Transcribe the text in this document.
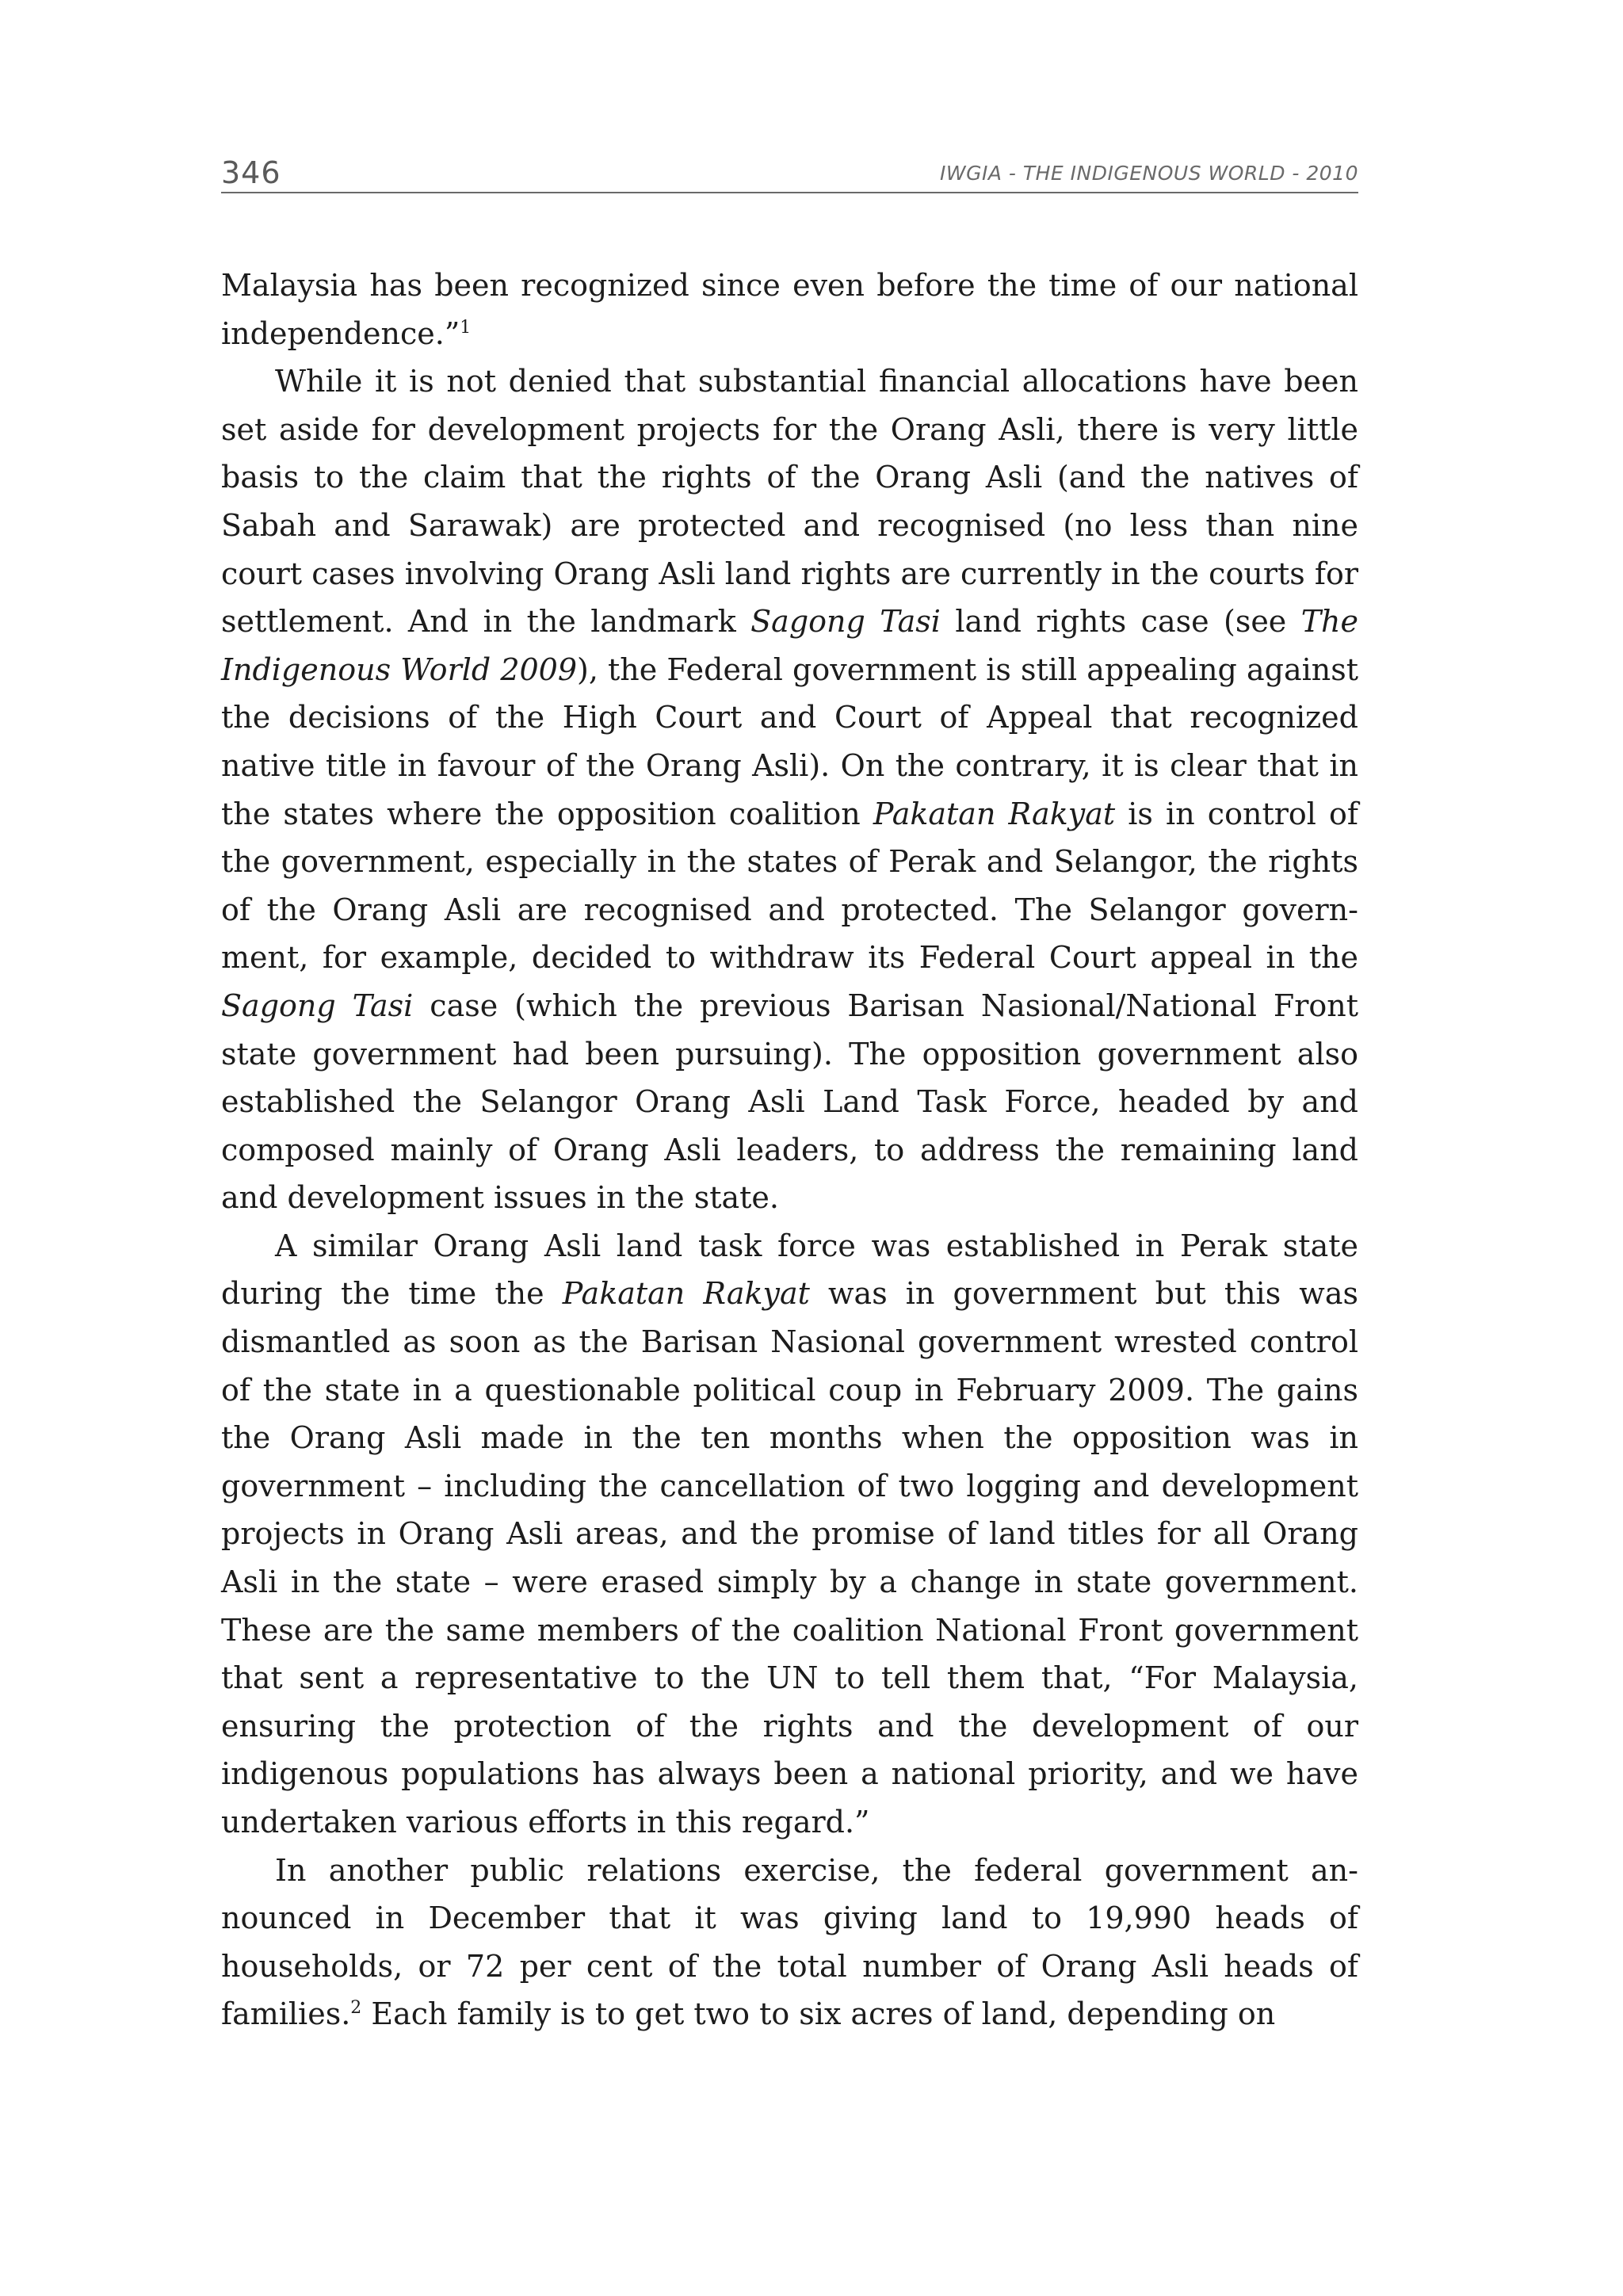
346	IWGIA - THE INDIGENOUS WORLD - 2010

Malaysia has been recognized since even before the time of our national independence.”$^1$

While it is not denied that substantial financial allocations have been set aside for development projects for the Orang Asli, there is very little basis to the claim that the rights of the Orang Asli (and the natives of Sabah and Sarawak) are protected and recognised (no less than nine court cases involving Orang Asli land rights are currently in the courts for settlement. And in the landmark Sagong Tasi land rights case (see The Indigenous World 2009), the Federal government is still appealing against the decisions of the High Court and Court of Appeal that recognized native title in favour of the Orang Asli). On the contrary, it is clear that in the states where the opposition coalition Pakatan Rakyat is in control of the government, especially in the states of Perak and Selangor, the rights of the Orang Asli are recognised and protected. The Selangor government, for example, decided to withdraw its Federal Court appeal in the Sagong Tasi case (which the previous Barisan Nasional/National Front state government had been pursuing). The opposition government also established the Selangor Orang Asli Land Task Force, headed by and composed mainly of Orang Asli leaders, to address the remaining land and development issues in the state.

A similar Orang Asli land task force was established in Perak state during the time the Pakatan Rakyat was in government but this was dismantled as soon as the Barisan Nasional government wrested control of the state in a questionable political coup in February 2009. The gains the Orang Asli made in the ten months when the opposition was in government – including the cancellation of two logging and development projects in Orang Asli areas, and the promise of land titles for all Orang Asli in the state – were erased simply by a change in state government. These are the same members of the coalition National Front government that sent a representative to the UN to tell them that, “For Malaysia, ensuring the protection of the rights and the development of our indigenous populations has always been a national priority, and we have undertaken various efforts in this regard.”

In another public relations exercise, the federal government announced in December that it was giving land to 19,990 heads of households, or 72 per cent of the total number of Orang Asli heads of families.$^2$ Each family is to get two to six acres of land, depending on
